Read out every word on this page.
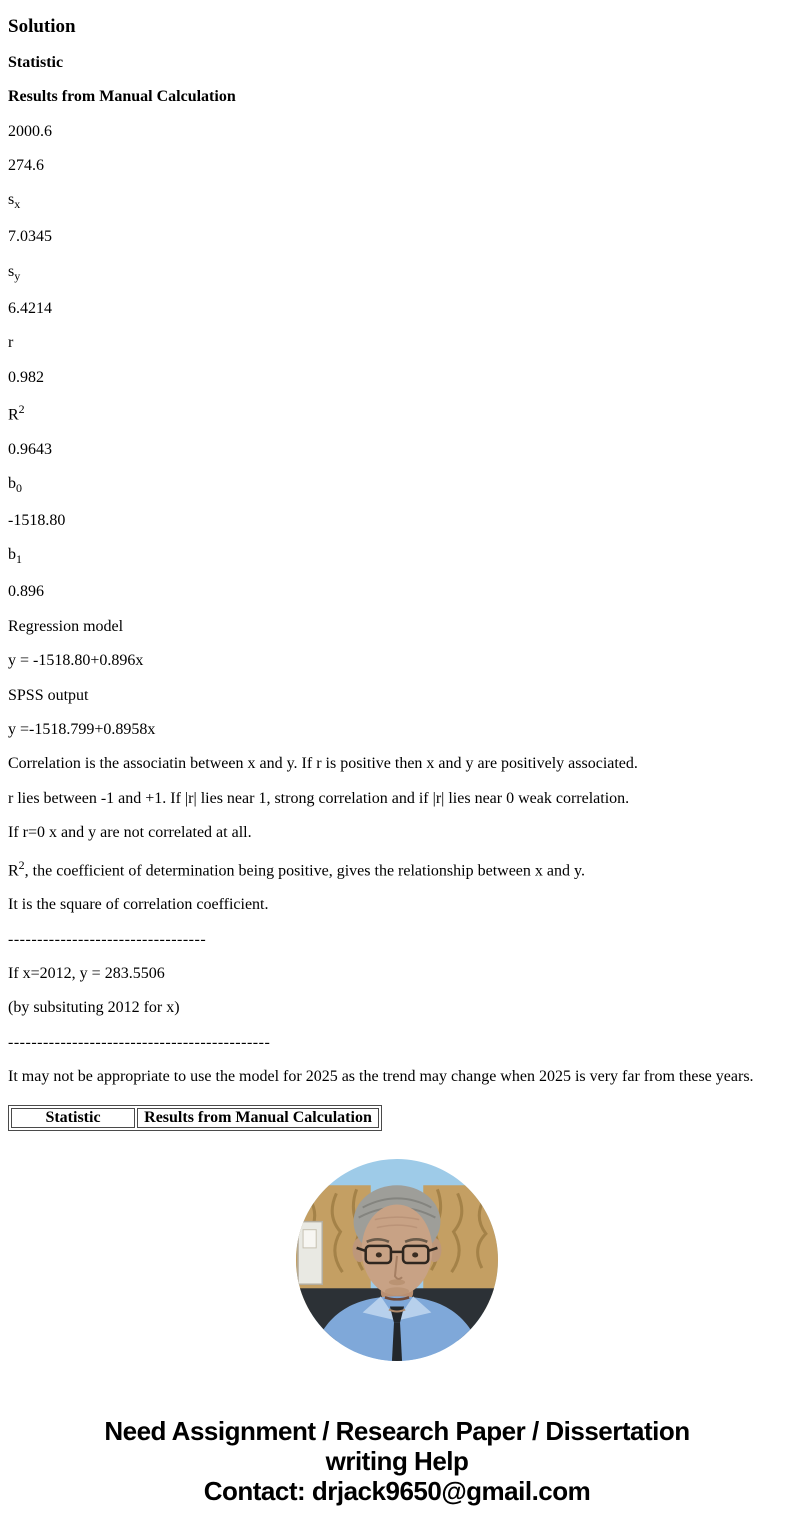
Solution

Statistic

Results from Manual Calculation

2000.6

274.6

$s_x$

7.0345

$s_y$

6.4214

r

0.982

$R^2$

0.9643

$b_0$

-1518.80

$b_1$

0.896

Regression model

y = -1518.80+0.896x

SPSS output

y =-1518.799+0.8958x

Correlation is the associatin between x and y. If r is positive then x and y are positively associated.

r lies between -1 and +1. If |r| lies near 1, strong correlation and if |r| lies near 0 weak correlation.

If r=0 x and y are not correlated at all.

$R^2$, the coefficient of determination being positive, gives the relationship between x and y.

It is the square of correlation coefficient.

----------------------------------

If x=2012, y = 283.5506

(by subsituting 2012 for x)

---------------------------------------------

It may not be appropriate to use the model for 2025 as the trend may change when 2025 is very far from these years.

Statistic	Results from Manual Calculation
Need Assignment / Research Paper / Dissertation
writing Help
Contact: drjack9650@gmail.com
